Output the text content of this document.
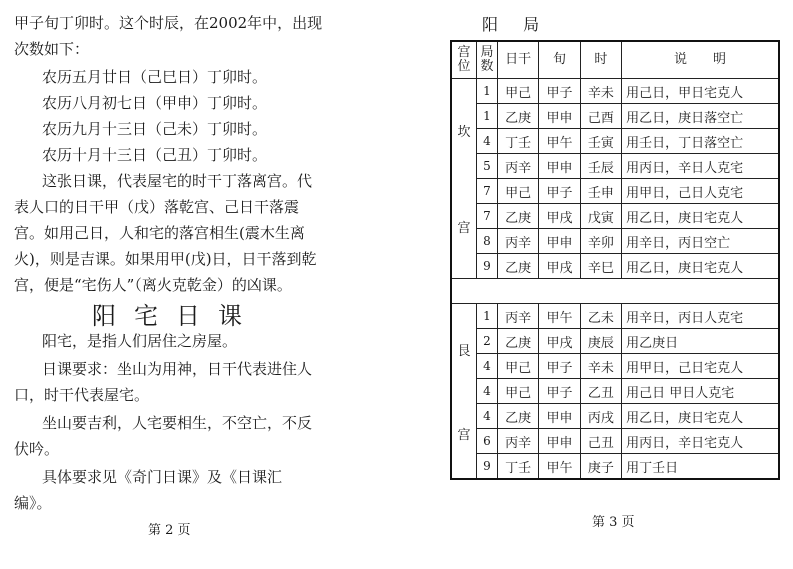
甲子旬丁卯时。这个时辰，在2002年中，出现
次数如下：
农历五月廿日（己巳日）丁卯时。
农历八月初七日（甲申）丁卯时。
农历九月十三日（己未）丁卯时。
农历十月十三日（己丑）丁卯时。
这张日课，代表屋宅的时干丁落离宫。代
表人口的日干甲（戊）落乾宫、己日干落震
宫。如用己日，人和宅的落宫相生(震木生离
火)，则是吉课。如果用甲(戊)日，日干落到乾
宫，便是“宅伤人”（离火克乾金）的凶课。
阳宅日课
阳宅，是指人们居住之房屋。
日课要求：坐山为用神，日干代表进住人
口，时干代表屋宅。
坐山要吉利，人宅要相生，不空亡，不反
伏吟。
具体要求见《奇门日课》及《日课汇
编》。
第 2 页
阳 局
宫位	局数	日干	旬	时	说　　明

坎
宫	1	甲己	甲子	辛未	用己日，甲日宅克人
	1	乙庚	甲申	己酉	用乙日，庚日落空亡
	4	丁壬	甲午	壬寅	用壬日，丁日落空亡
	5	丙辛	甲申	壬辰	用丙日，辛日人克宅
	7	甲己	甲子	壬申	用甲日，己日人克宅
	7	乙庚	甲戌	戊寅	用乙日，庚日宅克人
	8	丙辛	甲申	辛卯	用辛日，丙日空亡
	9	乙庚	甲戌	辛巳	用乙日，庚日宅克人

艮
宫	1	丙辛	甲午	乙未	用辛日，丙日人克宅
	2	乙庚	甲戌	庚辰	用乙庚日
	4	甲己	甲子	辛未	用甲日，己日宅克人
	4	甲己	甲子	乙丑	用己日 甲日人克宅
	4	乙庚	甲申	丙戌	用乙日，庚日宅克人
	6	丙辛	甲申	己丑	用丙日，辛日宅克人
	9	丁壬	甲午	庚子	用丁壬日
第 3 页
